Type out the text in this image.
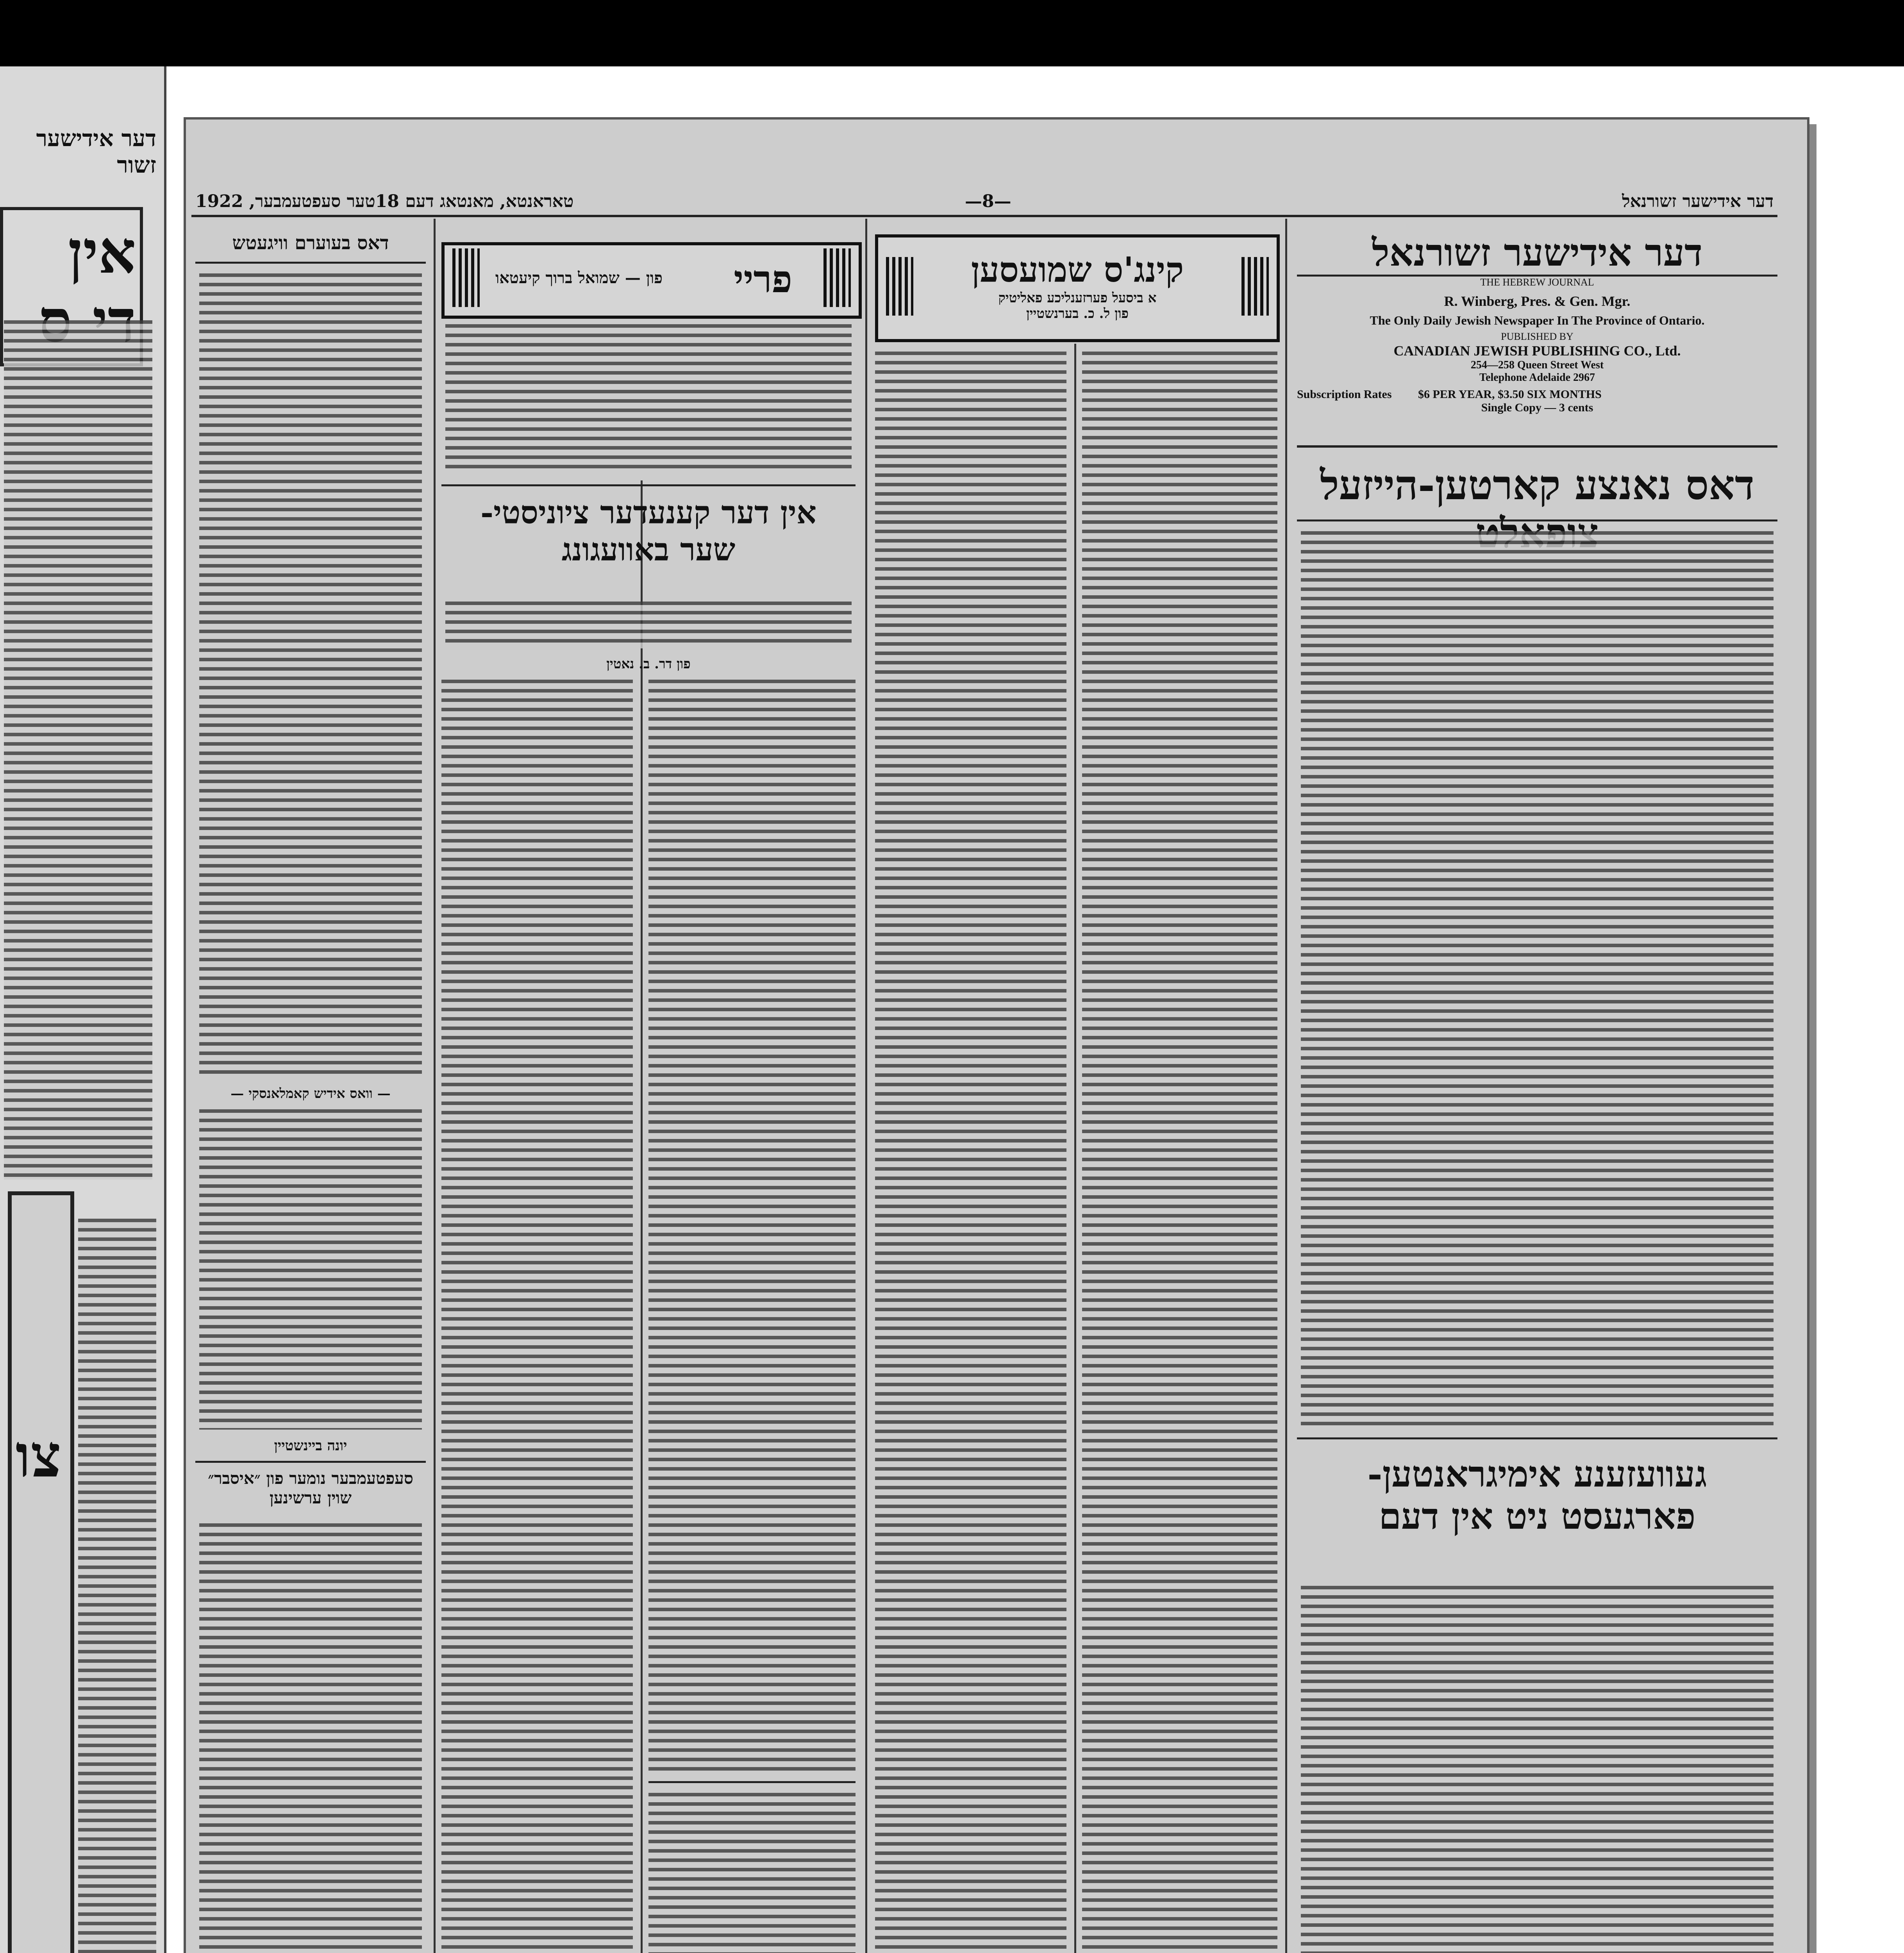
דער אידישער זשור
אין
צו
דער אידישער זשורנאל
—8—
טאראנטא, מאנטאג דעם 18טער סעפטעמבער, 1922
דער אידישער זשורנאל
THE HEBREW JOURNAL
R. Winberg, Pres. & Gen. Mgr.
The Only Daily Jewish Newspaper In The Province of Ontario.
PUBLISHED BY
CANADIAN JEWISH PUBLISHING CO., Ltd.
254—258 Queen Street West
Telephone Adelaide 2967
Subscription Rates $6 PER YEAR, $3.50 SIX MONTHS
Single Copy — 3 cents
דאס נאנצע קארטען-הייזעל
געוועזענע אימיגראנטען-
פארגעסט ניט אין דעם
קינג'ס שמועסען
א ביסעל פערזענליכע פאליטיק
פון ל. כ. בערנשטיין
פריי
פון — שמואל ברוך קיעטאו
אין דער קענעדער ציוניסטי-
שער באוועגונג
פון דר. ב. נאטין
דאס בעוערם וויגעטש
— וואס אידיש קאמלאנסקי —
יונה ביינשטיין
סעפטעמבער נומער פון ״איסבר״
שוין ערשינען
